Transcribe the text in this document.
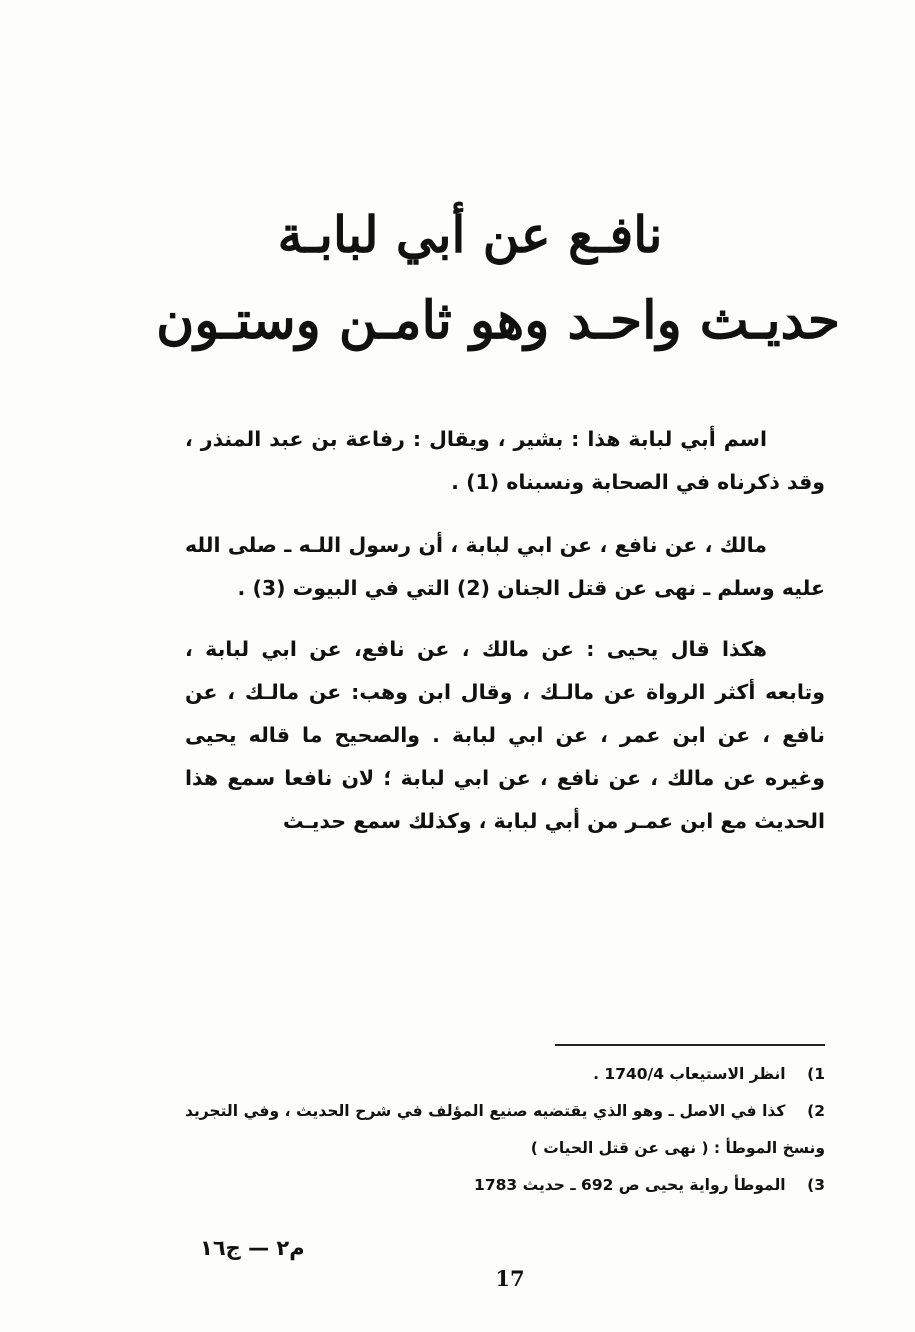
نافـع عن أبي لبابـة
حديـث واحـد وهو ثامـن وستـون

اسم أبي لبابة هذا : بشير ، ويقال : رفاعة بن عبد المنذر ، وقد ذكرناه في الصحابة ونسبناه (1) .

مالك ، عن نافع ، عن ابي لبابة ، أن رسول اللـه ـ صلى الله عليه وسلم ـ نهى عن قتل الجنان (2) التي في البيوت (3) .

هكذا قال يحيى : عن مالك ، عن نافع، عن ابي لبابة ، وتابعه أكثر الرواة عن مالـك ، وقال ابن وهب: عن مالـك ، عن نافع ، عن ابن عمر ، عن ابي لبابة . والصحيح ما قاله يحيى وغيره عن مالك ، عن نافع ، عن ابي لبابة ؛ لان نافعا سمع هذا الحديث مع ابن عمـر من أبي لبابة ، وكذلك سمع حديـث

1) انظر الاستيعاب 1740/4 .

2) كذا في الاصل ـ وهو الذي يقتضيه صنيع المؤلف في شرح الحديث ، وفي التجريد ونسخ الموطأ : ( نهى عن قتل الحيات )

3) الموطأ رواية يحيى ص 692 ـ حديث 1783

م٢ — ج١٦
17
